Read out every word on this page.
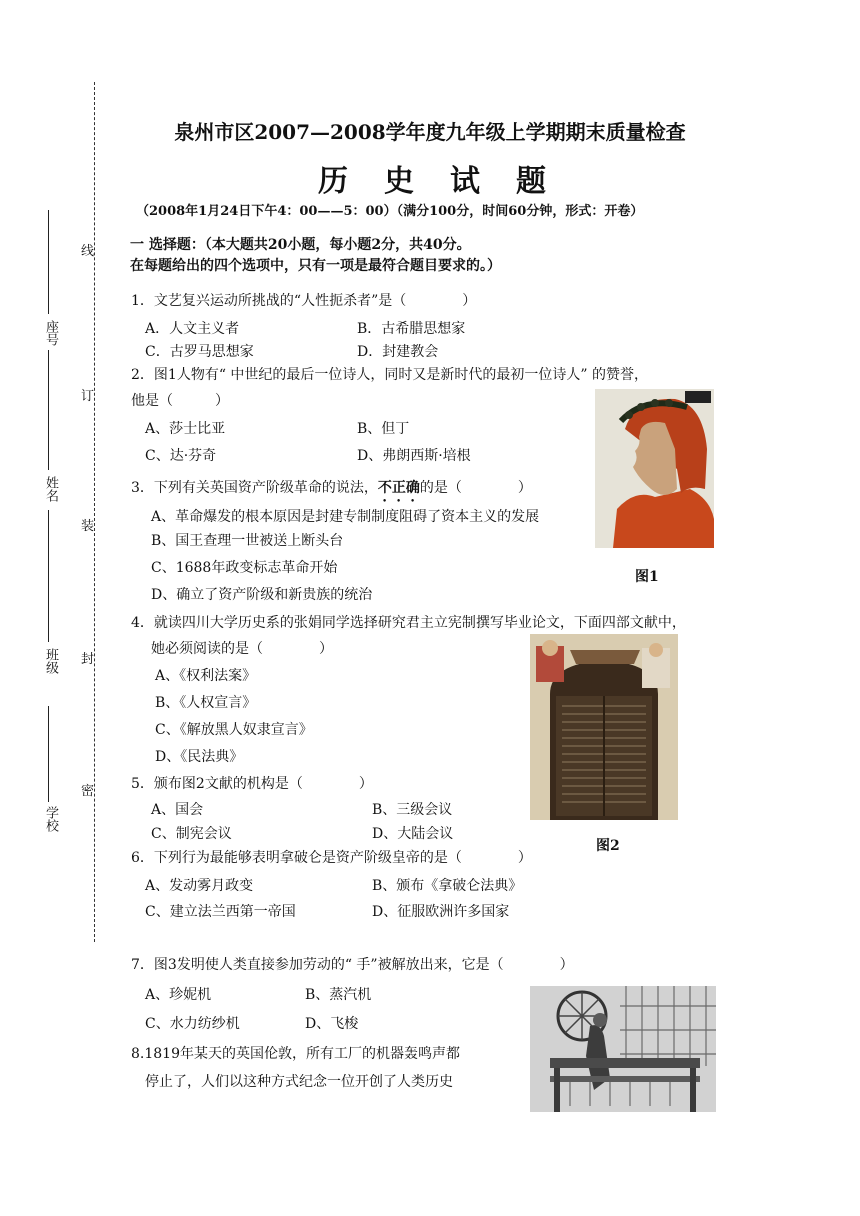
学校
班级
姓名
座号
线
订
装
封
密
泉州市区2007—2008学年度九年级上学期期末质量检查
历史试题
（2008年1月24日下午4：00——5：00）（满分100分，时间60分钟，形式：开卷）
一 选择题：（本大题共20小题，每小题2分，共40分。
在每题给出的四个选项中，只有一项是最符合题目要求的。）
1．文艺复兴运动所挑战的“人性扼杀者”是（　　　　）
A．人文主义者	B．古希腊思想家
C．古罗马思想家	D．封建教会
2．图1人物有“ 中世纪的最后一位诗人，同时又是新时代的最初一位诗人” 的赞誉，
他是（　　　）
A、莎士比亚	B、但丁
C、达·芬奇	D、弗朗西斯·培根
图1
3．下列有关英国资产阶级革命的说法，不正确的是（　　　　）
A、革命爆发的根本原因是封建专制制度阻碍了资本主义的发展
B、国王查理一世被送上断头台
C、1688年政变标志革命开始
D、确立了资产阶级和新贵族的统治
4．就读四川大学历史系的张娟同学选择研究君主立宪制撰写毕业论文，下面四部文献中，
她必须阅读的是（　　　　）
A、《权利法案》
B、《人权宣言》
C、《解放黑人奴隶宣言》
D、《民法典》
图2
5．颁布图2文献的机构是（　　　　）
A、国会	B、三级会议
C、制宪会议	D、大陆会议
6．下列行为最能够表明拿破仑是资产阶级皇帝的是（　　　　）
A、发动雾月政变	B、颁布《拿破仑法典》
C、建立法兰西第一帝国	D、征服欧洲许多国家
7．图3发明使人类直接参加劳动的“ 手”被解放出来，它是（　　　　）
A、珍妮机	B、蒸汽机
C、水力纺纱机	D、飞梭
8.1819年某天的英国伦敦，所有工厂的机器轰鸣声都
停止了，人们以这种方式纪念一位开创了人类历史
